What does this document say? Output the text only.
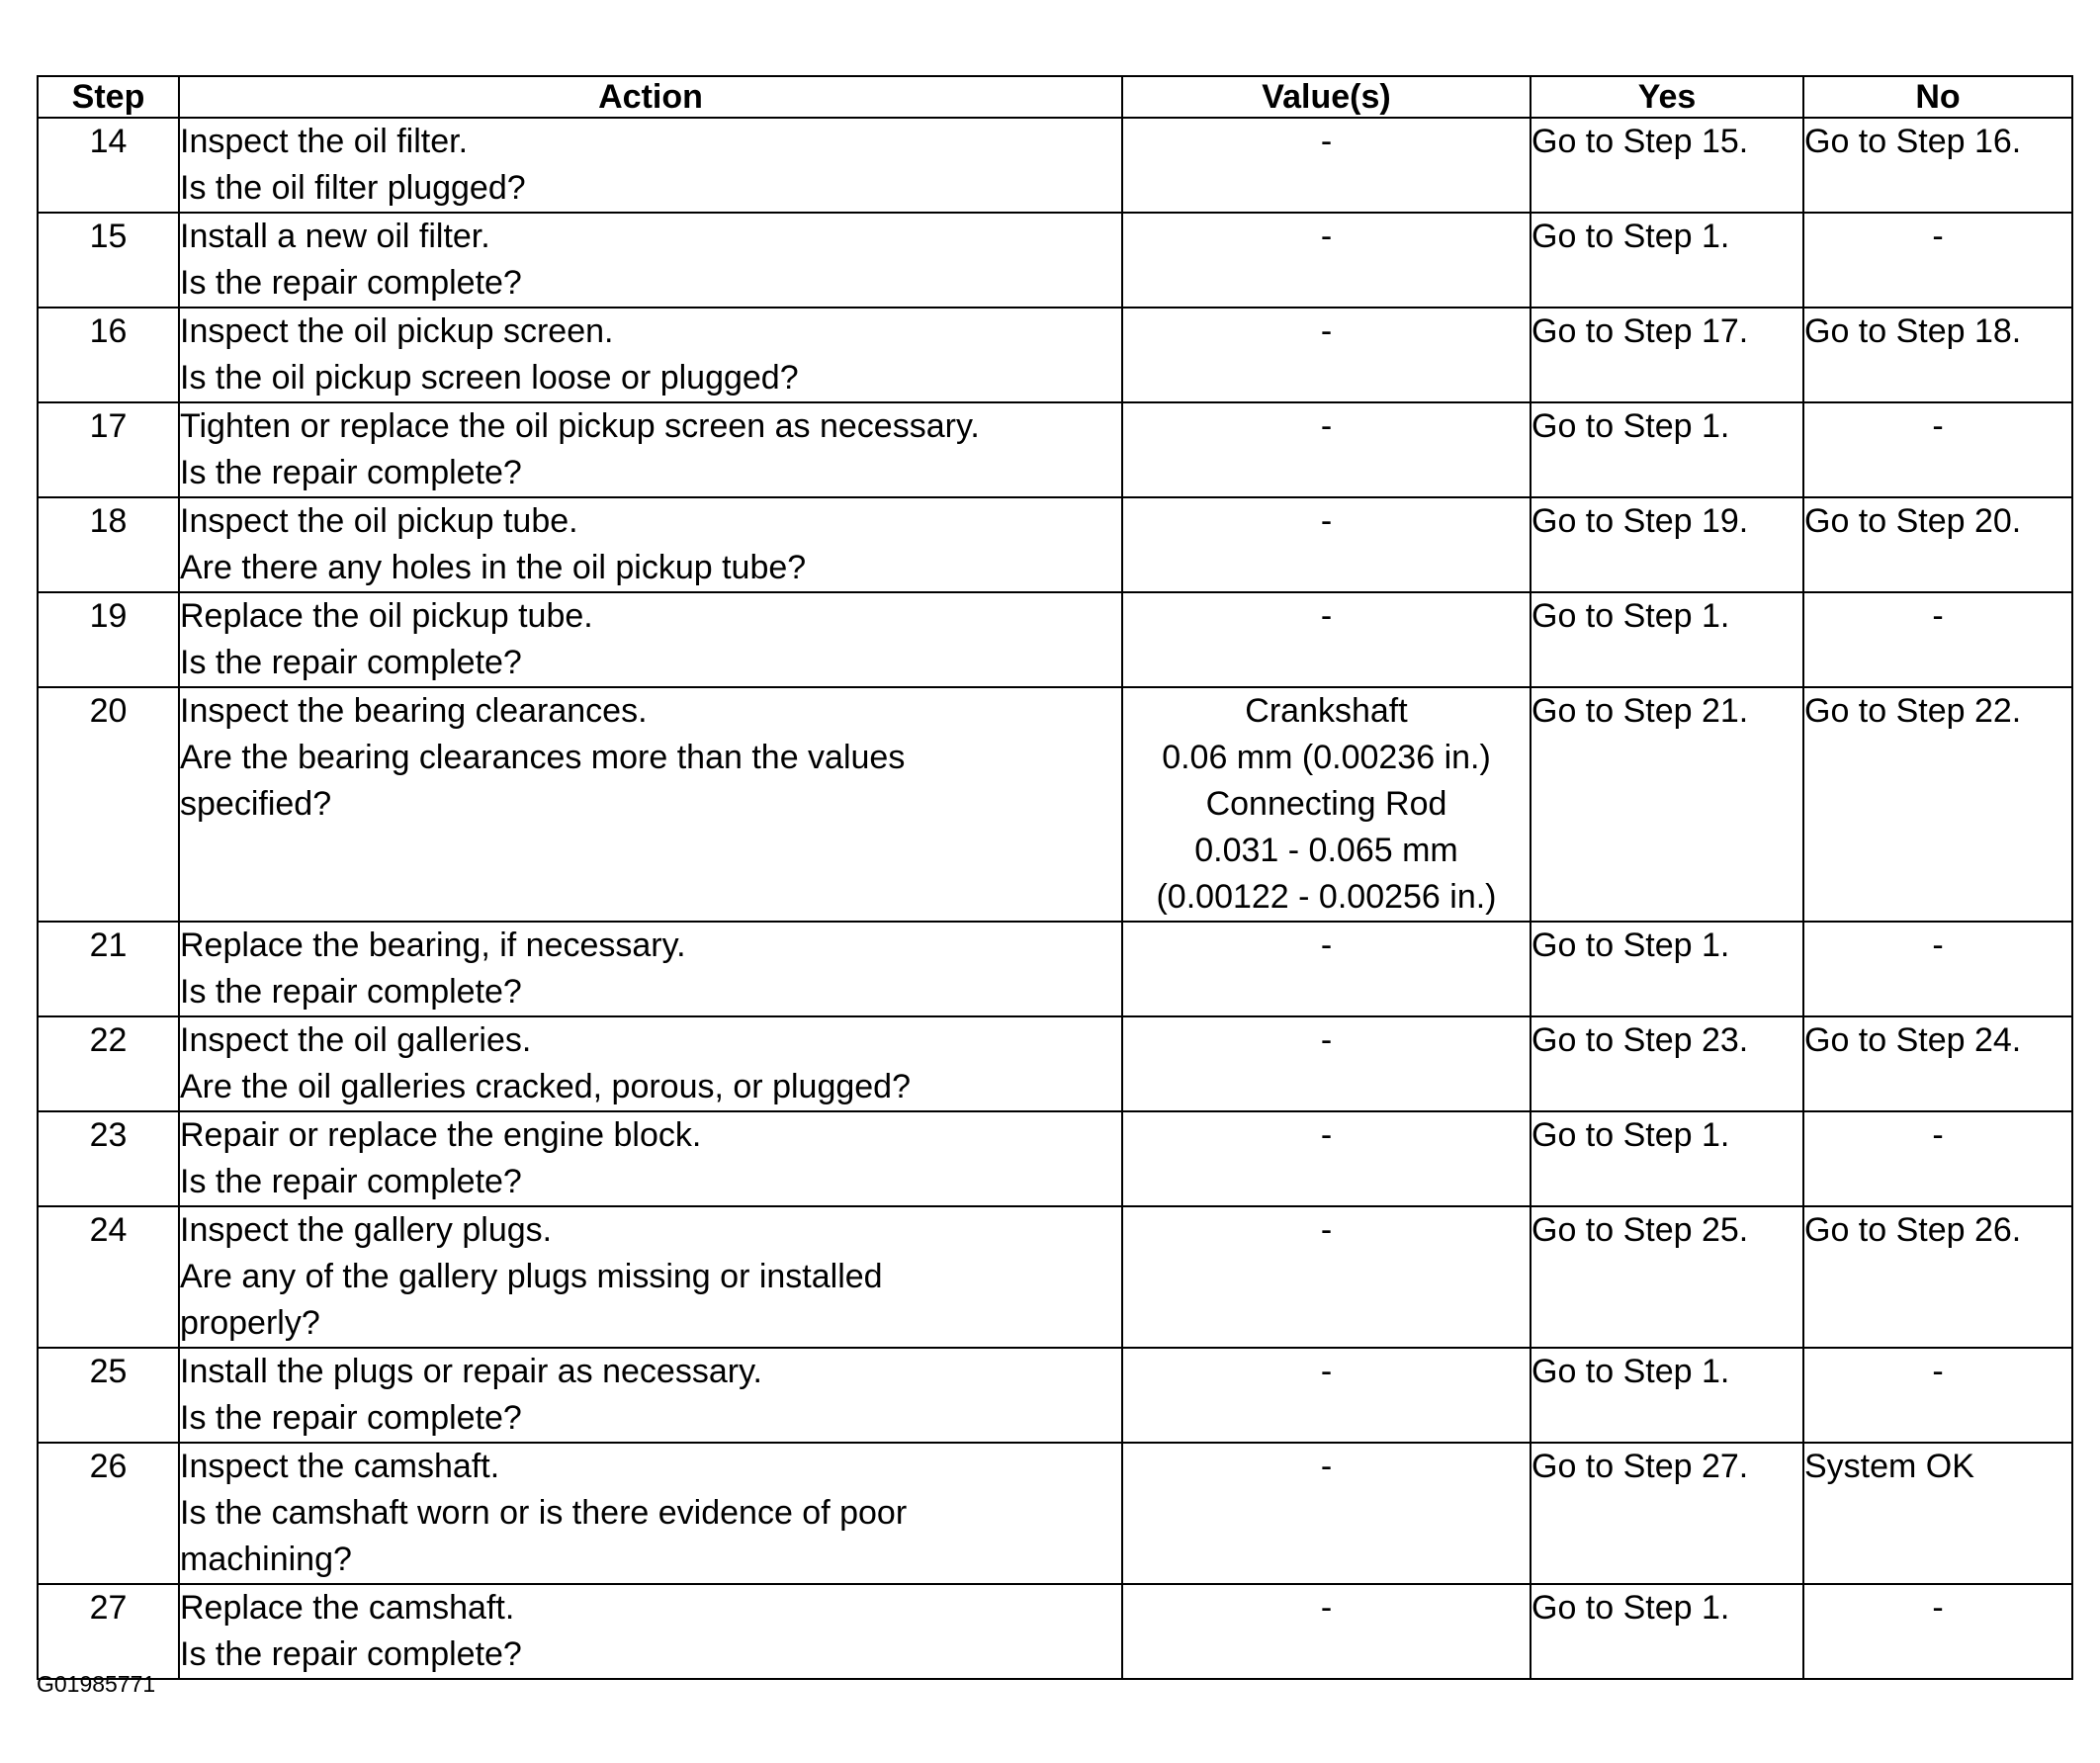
Step	Action	Value(s)	Yes	No
14	Inspect the oil filter.
Is the oil filter plugged?	-	Go to Step 15.	Go to Step 16.
15	Install a new oil filter.
Is the repair complete?	-	Go to Step 1.	-
16	Inspect the oil pickup screen.
Is the oil pickup screen loose or plugged?	-	Go to Step 17.	Go to Step 18.
17	Tighten or replace the oil pickup screen as necessary.
Is the repair complete?	-	Go to Step 1.	-
18	Inspect the oil pickup tube.
Are there any holes in the oil pickup tube?	-	Go to Step 19.	Go to Step 20.
19	Replace the oil pickup tube.
Is the repair complete?	-	Go to Step 1.	-
20	Inspect the bearing clearances.
Are the bearing clearances more than the values
specified?	Crankshaft
0.06 mm (0.00236 in.)
Connecting Rod
0.031 - 0.065 mm
(0.00122 - 0.00256 in.)	Go to Step 21.	Go to Step 22.
21	Replace the bearing, if necessary.
Is the repair complete?	-	Go to Step 1.	-
22	Inspect the oil galleries.
Are the oil galleries cracked, porous, or plugged?	-	Go to Step 23.	Go to Step 24.
23	Repair or replace the engine block.
Is the repair complete?	-	Go to Step 1.	-
24	Inspect the gallery plugs.
Are any of the gallery plugs missing or installed
properly?	-	Go to Step 25.	Go to Step 26.
25	Install the plugs or repair as necessary.
Is the repair complete?	-	Go to Step 1.	-
26	Inspect the camshaft.
Is the camshaft worn or is there evidence of poor
machining?	-	Go to Step 27.	System OK
27	Replace the camshaft.
Is the repair complete?	-	Go to Step 1.	-
G01985771
